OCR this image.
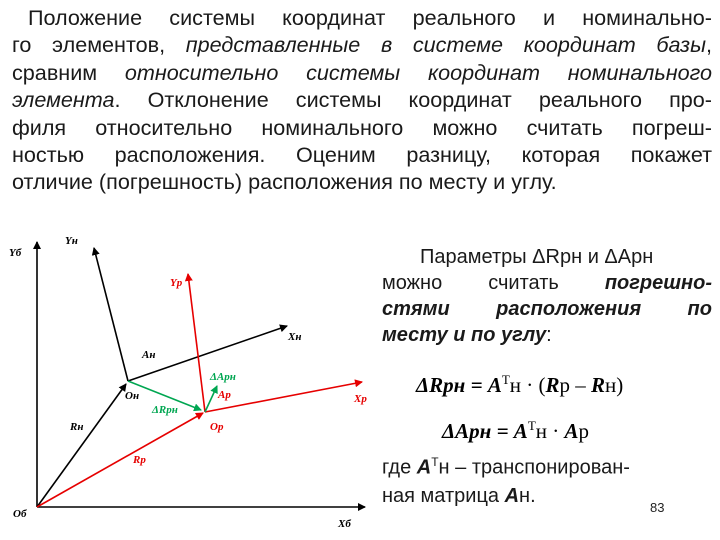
Положение системы координат реального и номинально-
го элементов, представленные в системе координат базы,
сравним относительно системы координат номинального
элемента. Отклонение системы координат реального про-
филя относительно номинального можно считать погреш-
ностью расположения. Оценим разницу, которая покажет
отличие (погрешность) расположения по месту и углу.
Yб
Об
Xб
Yн
Xн
Aн
Oн
Rн
Yр
Xр
Aр
Oр
Rр
ΔAрн
ΔRрн
Параметры ΔRрн и ΔAрн
можно считать погрешно-
стями расположения по
месту и по углу:
$\Delta Rрн = A^Тн \cdot (Rр - Rн)$
$\Delta Aрн = A^Тн$ · Aр
где $A^Тн$ – транспонирован-
ная матрица Aн.
83
